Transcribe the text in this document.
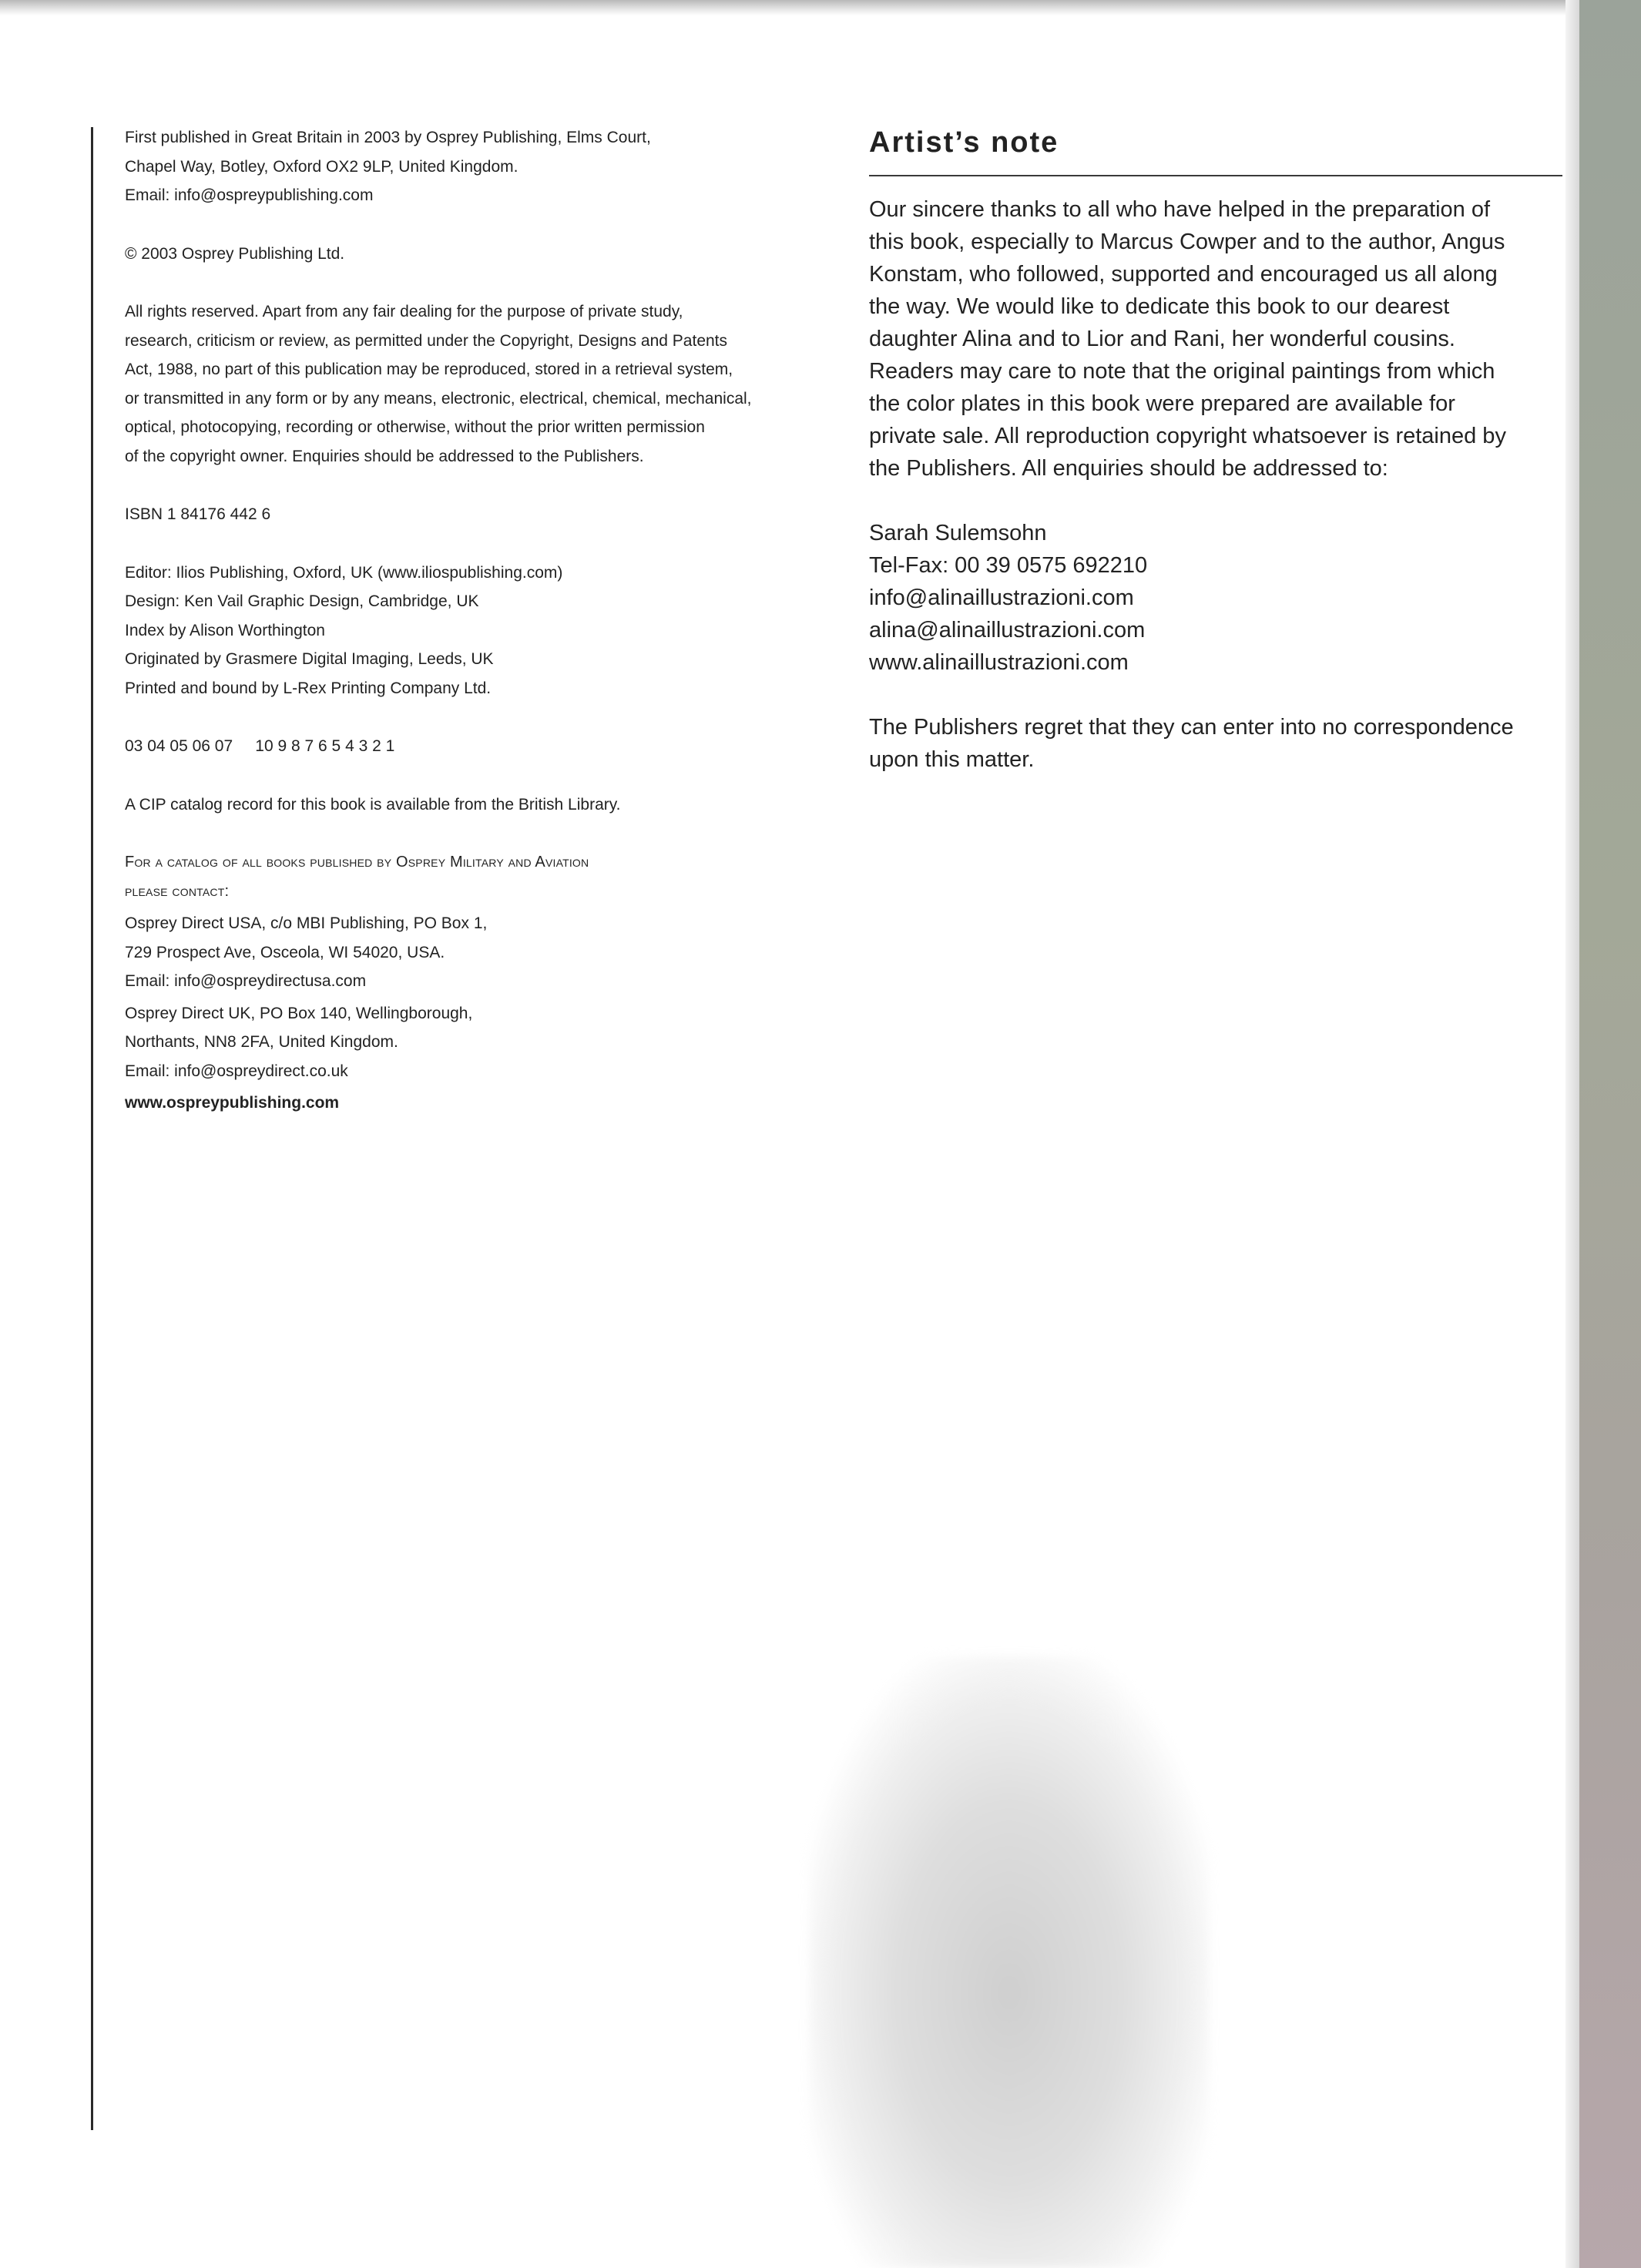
First published in Great Britain in 2003 by Osprey Publishing, Elms Court,
Chapel Way, Botley, Oxford OX2 9LP, United Kingdom.
Email: info@ospreypublishing.com

© 2003 Osprey Publishing Ltd.

All rights reserved. Apart from any fair dealing for the purpose of private study,
research, criticism or review, as permitted under the Copyright, Designs and Patents
Act, 1988, no part of this publication may be reproduced, stored in a retrieval system,
or transmitted in any form or by any means, electronic, electrical, chemical, mechanical,
optical, photocopying, recording or otherwise, without the prior written permission
of the copyright owner. Enquiries should be addressed to the Publishers.

ISBN 1 84176 442 6

Editor: Ilios Publishing, Oxford, UK (www.iliospublishing.com)
Design: Ken Vail Graphic Design, Cambridge, UK
Index by Alison Worthington
Originated by Grasmere Digital Imaging, Leeds, UK
Printed and bound by L-Rex Printing Company Ltd.

03 04 05 06 07     10 9 8 7 6 5 4 3 2 1

A CIP catalog record for this book is available from the British Library.

For a catalog of all books published by Osprey Military and Aviation
please contact:

Osprey Direct USA, c/o MBI Publishing, PO Box 1,
729 Prospect Ave, Osceola, WI 54020, USA.
Email: info@ospreydirectusa.com

Osprey Direct UK, PO Box 140, Wellingborough,
Northants, NN8 2FA, United Kingdom.
Email: info@ospreydirect.co.uk

www.ospreypublishing.com

Artist’s note

Our sincere thanks to all who have helped in the preparation of
this book, especially to Marcus Cowper and to the author, Angus
Konstam, who followed, supported and encouraged us all along
the way. We would like to dedicate this book to our dearest
daughter Alina and to Lior and Rani, her wonderful cousins.
Readers may care to note that the original paintings from which
the color plates in this book were prepared are available for
private sale. All reproduction copyright whatsoever is retained by
the Publishers. All enquiries should be addressed to:

Sarah Sulemsohn
Tel-Fax: 00 39 0575 692210
info@alinaillustrazioni.com
alina@alinaillustrazioni.com
www.alinaillustrazioni.com

The Publishers regret that they can enter into no correspondence
upon this matter.
